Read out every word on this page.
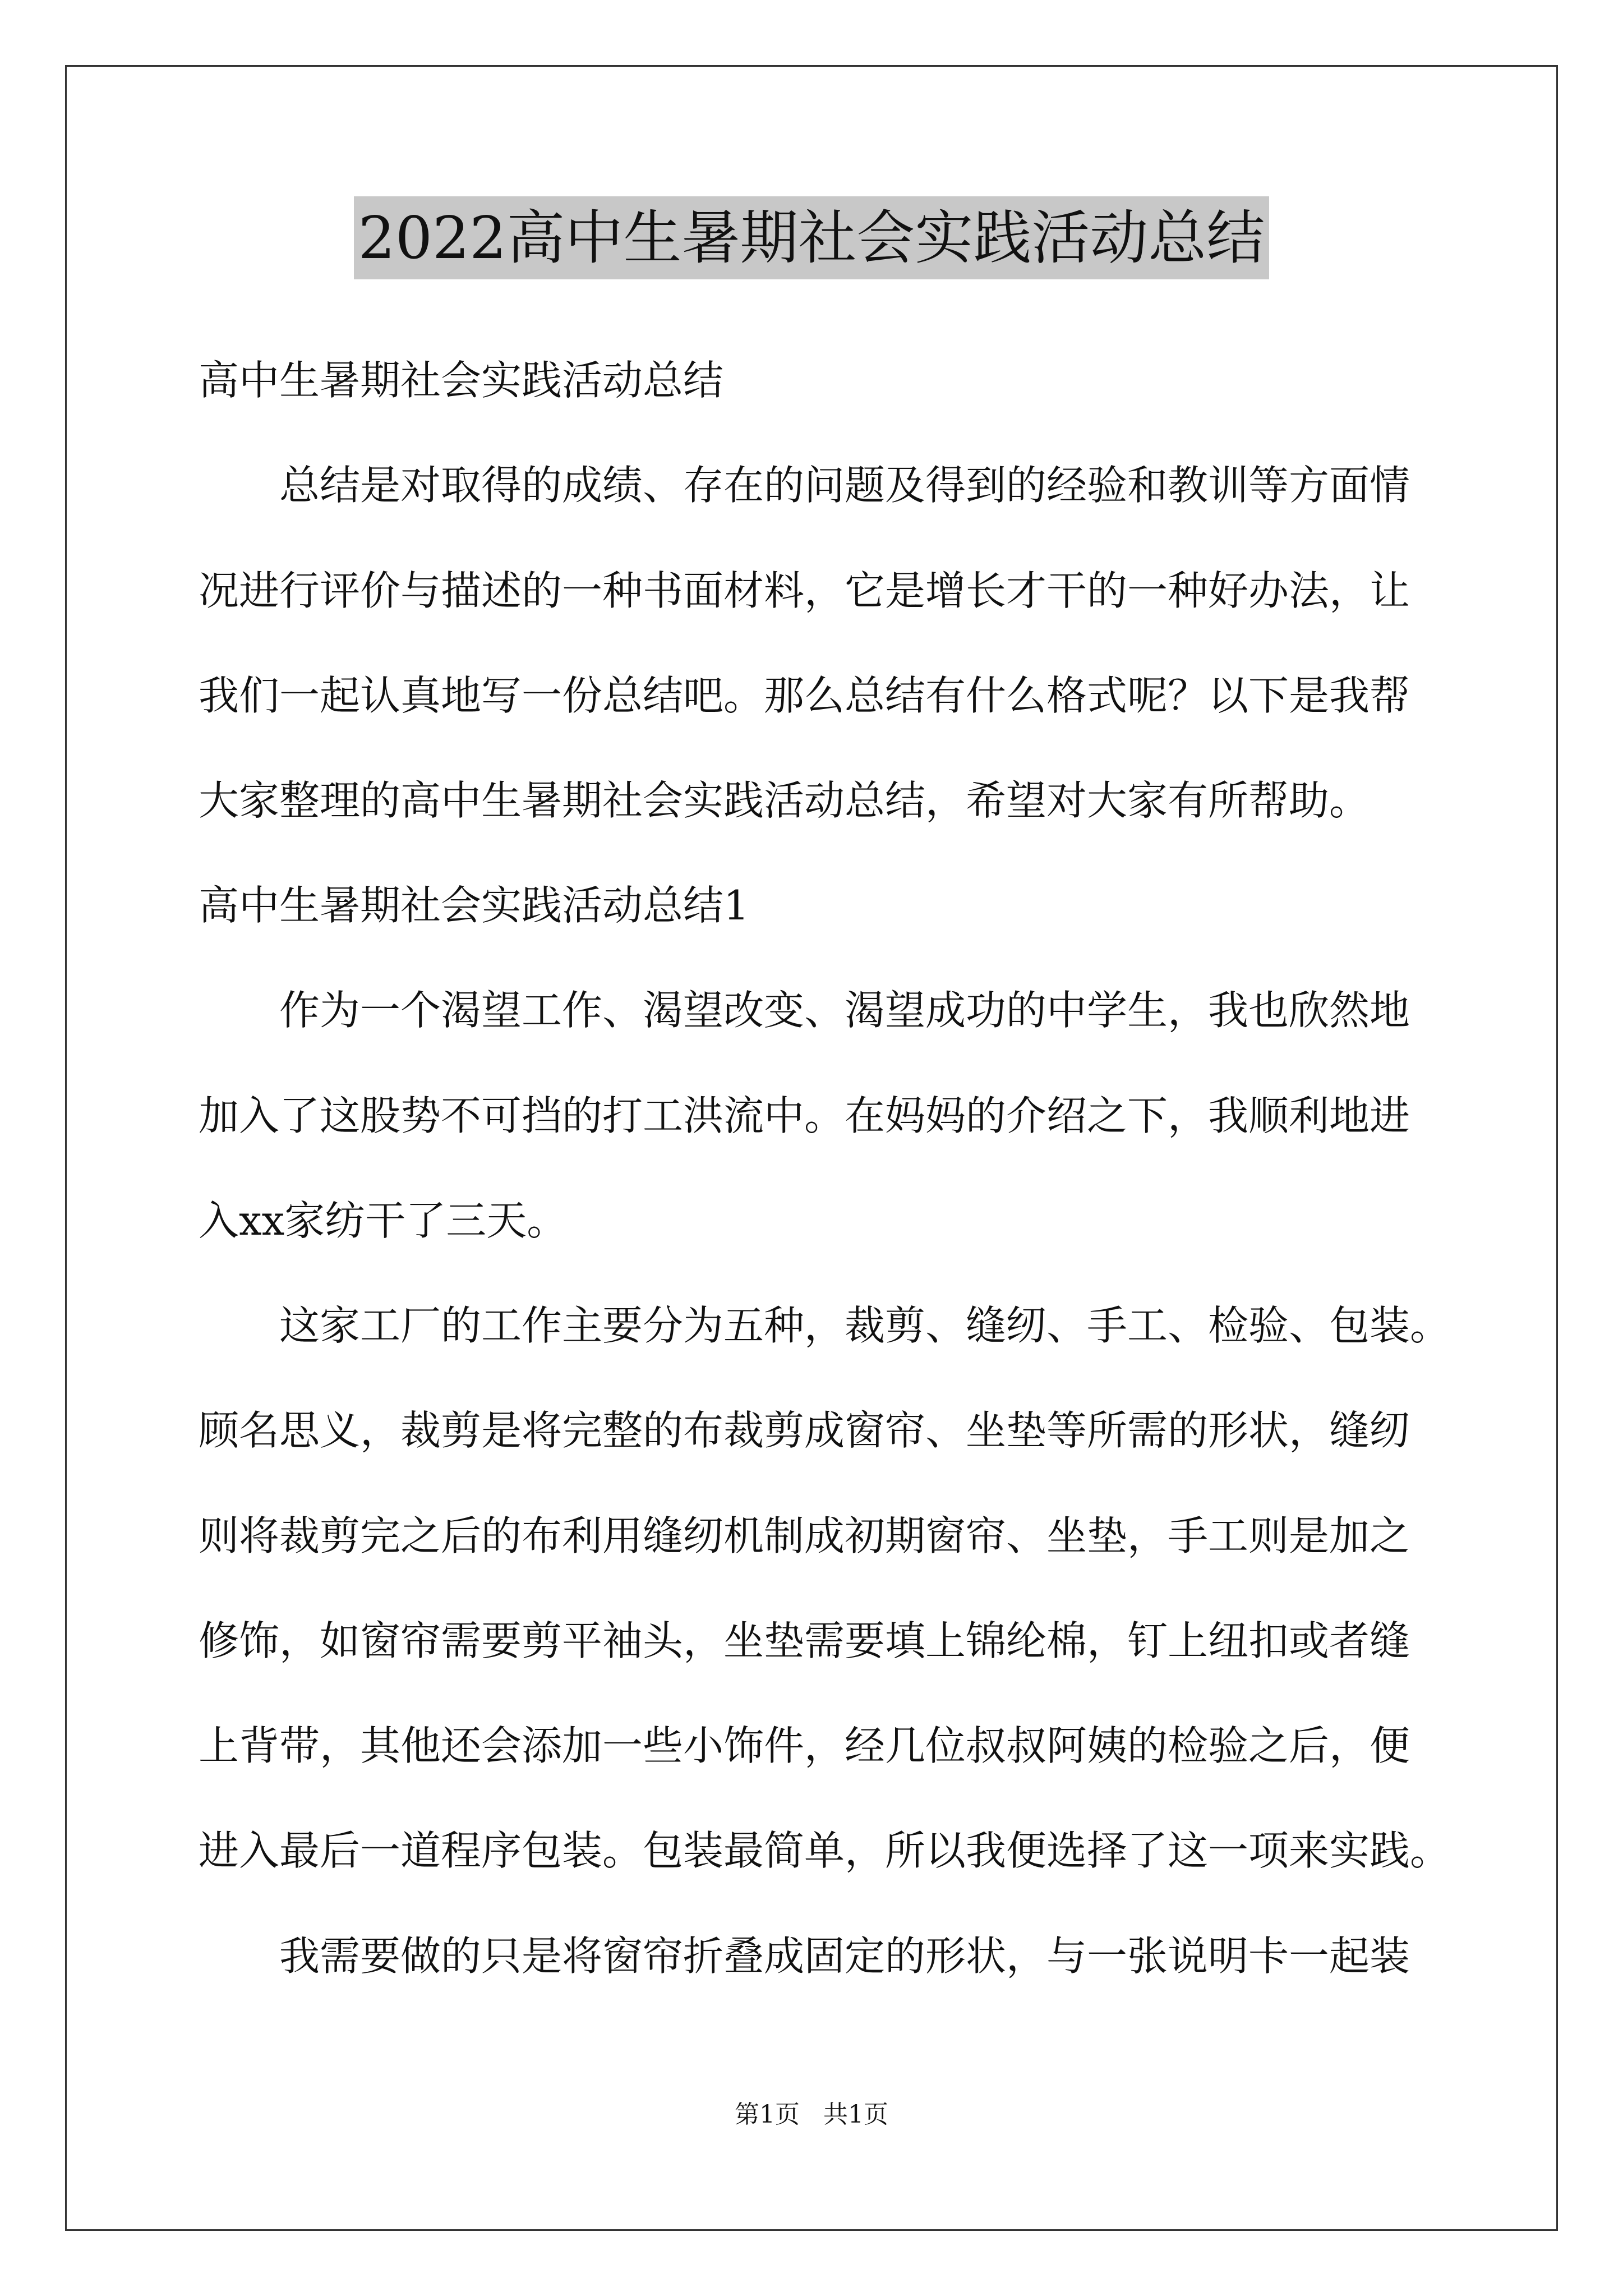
2022高中生暑期社会实践活动总结
高中生暑期社会实践活动总结
总结是对取得的成绩、存在的问题及得到的经验和教训等方面情
况进行评价与描述的一种书面材料，它是增长才干的一种好办法，让
我们一起认真地写一份总结吧。那么总结有什么格式呢？以下是我帮
大家整理的高中生暑期社会实践活动总结，希望对大家有所帮助。
高中生暑期社会实践活动总结1
作为一个渴望工作、渴望改变、渴望成功的中学生，我也欣然地
加入了这股势不可挡的打工洪流中。在妈妈的介绍之下，我顺利地进
入xx家纺干了三天。
这家工厂的工作主要分为五种，裁剪、缝纫、手工、检验、包装。
顾名思义，裁剪是将完整的布裁剪成窗帘、坐垫等所需的形状，缝纫
则将裁剪完之后的布利用缝纫机制成初期窗帘、坐垫，手工则是加之
修饰，如窗帘需要剪平袖头，坐垫需要填上锦纶棉，钉上纽扣或者缝
上背带，其他还会添加一些小饰件，经几位叔叔阿姨的检验之后，便
进入最后一道程序包装。包装最简单，所以我便选择了这一项来实践。
我需要做的只是将窗帘折叠成固定的形状，与一张说明卡一起装
第1页   共1页
